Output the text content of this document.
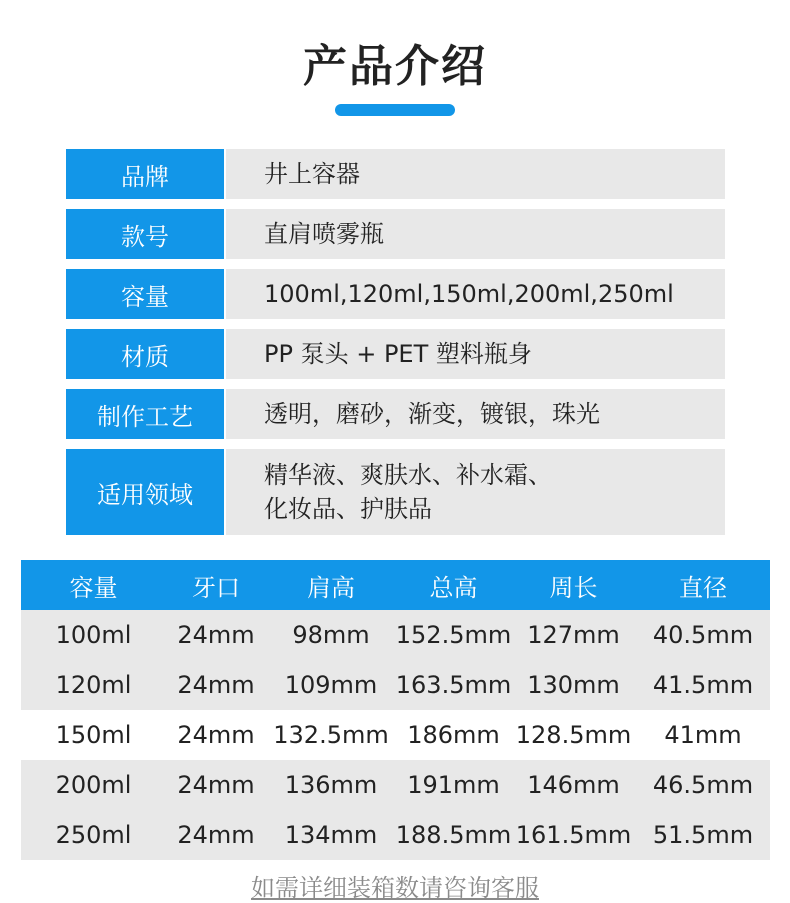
产品介绍
品牌	井上容器
款号	直肩喷雾瓶
容量	100ml,120ml,150ml,200ml,250ml
材质	PP 泵头 + PET 塑料瓶身
制作工艺	透明，磨砂，渐变，镀银，珠光
适用领域
精华液、爽肤水、补水霜、
化妆品、护肤品
容量	牙口	肩高	总高	周长	直径
100ml	24mm	98mm	152.5mm 127mm	40.5mm
120ml	24mm	109mm 163.5mm 130mm	41.5mm
150ml	24mm 132.5mm 186mm 128.5mm	41mm
200ml	24mm	136mm	191mm	146mm	46.5mm
250ml	24mm	134mm 188.5mm 161.5mm 51.5mm
如需详细装箱数请咨询客服
